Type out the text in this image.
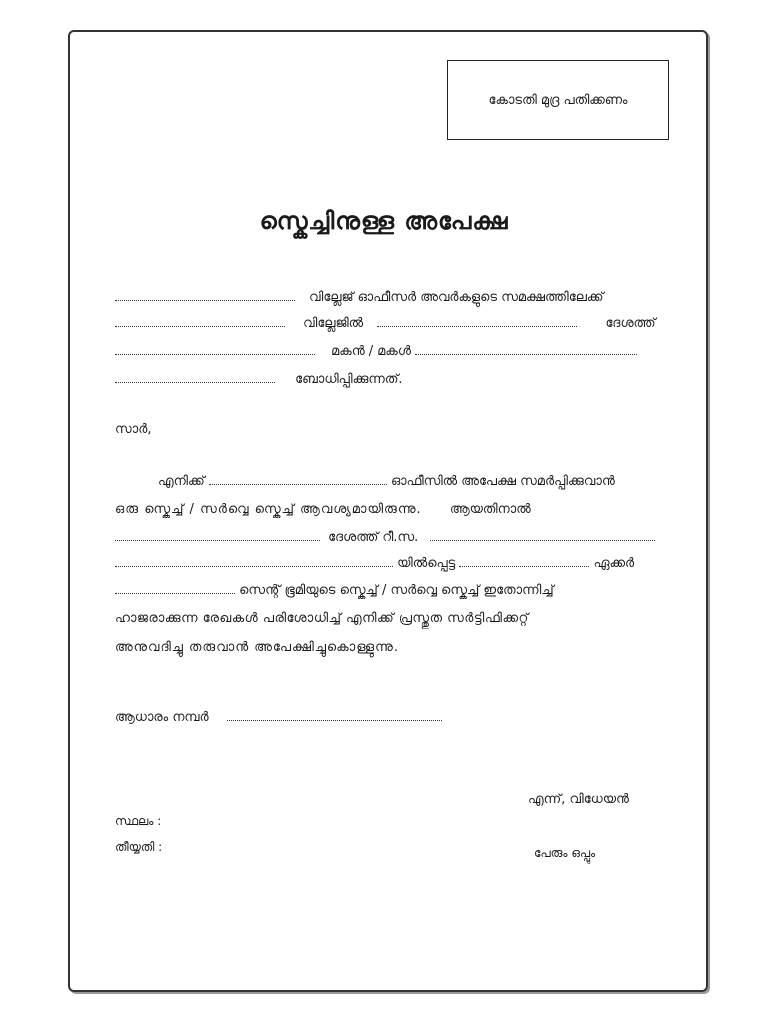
കോടതി മുദ്ര പതിക്കണം
സ്കെച്ചിനുള്ള അപേക്ഷ
വില്ലേജ് ഓഫീസർ അവർകളുടെ സമക്ഷത്തിലേക്ക്
വില്ലേജിൽ	ദേശത്ത്
മകൻ / മകൾ
ബോധിപ്പിക്കുന്നത്.
സാർ,
എനിക്ക്	ഓഫീസിൽ അപേക്ഷ സമർപ്പിക്കുവാൻ
ഒരു സ്കെച്ച് / സർവ്വെ സ്കെച്ച് ആവശ്യമായിരുന്നു. ആയതിനാൽ
ദേശത്ത് റീ.സ.
യിൽപ്പെട്ട	ഏക്കർ
സെന്റ് ഭൂമിയുടെ സ്കെച്ച് / സർവ്വെ സ്കെച്ച് ഇതോന്നിച്ച്
ഹാജരാക്കുന്ന രേഖകൾ പരിശോധിച്ച് എനിക്ക് പ്രസ്തുത സർട്ടിഫിക്കറ്റ്
അനുവദിച്ചു തരുവാൻ അപേക്ഷിച്ചുകൊള്ളുന്നു.
ആധാരം നമ്പർ
എന്ന്, വിധേയൻ
സ്ഥലം :
തീയ്യതി :	പേരും ഒപ്പും
